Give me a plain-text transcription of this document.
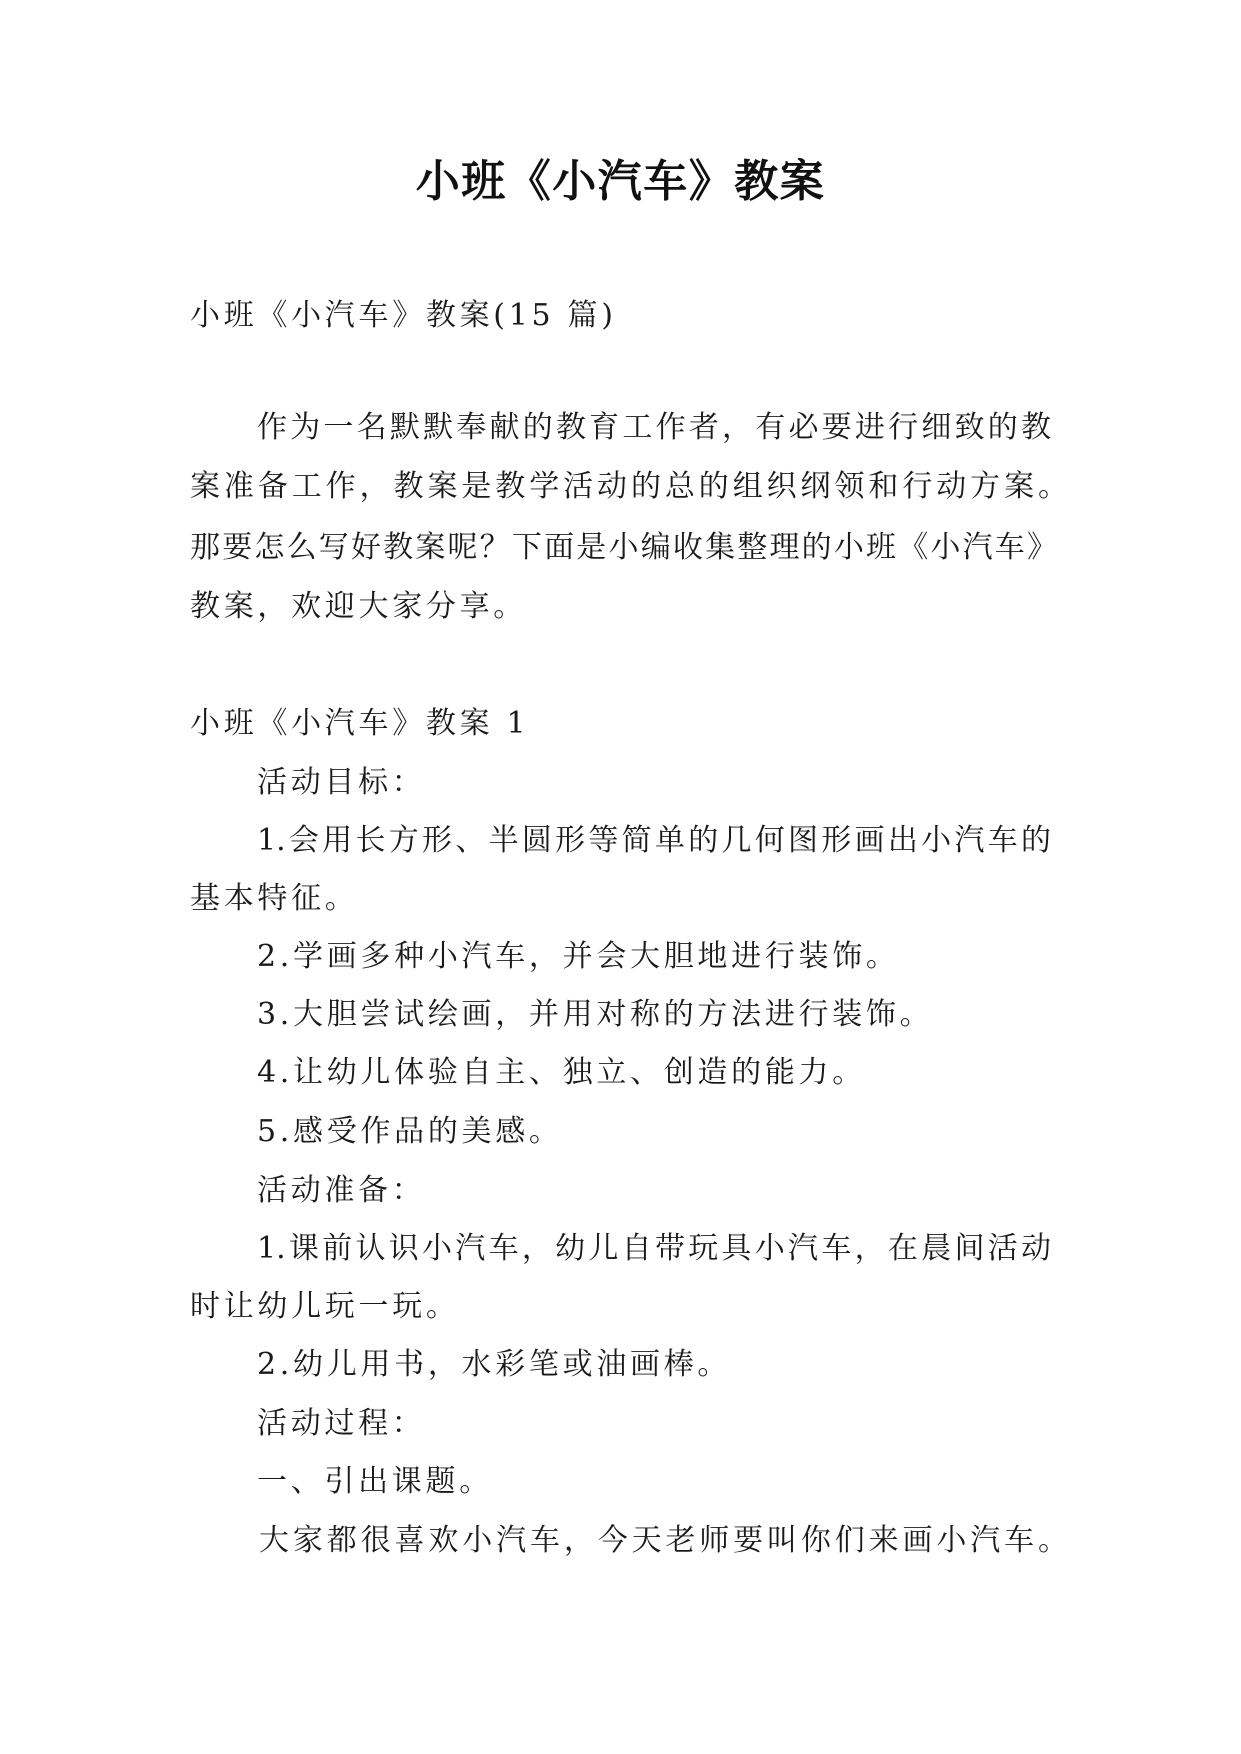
小班《小汽车》教案
小班《小汽车》教案(15 篇)
作为一名默默奉献的教育工作者，有必要进行细致的教
案准备工作，教案是教学活动的总的组织纲领和行动方案。
那要怎么写好教案呢？下面是小编收集整理的小班《小汽车》
教案，欢迎大家分享。
小班《小汽车》教案 1
活动目标：
1.会用长方形、半圆形等简单的几何图形画出小汽车的
基本特征。
2.学画多种小汽车，并会大胆地进行装饰。
3.大胆尝试绘画，并用对称的方法进行装饰。
4.让幼儿体验自主、独立、创造的能力。
5.感受作品的美感。
活动准备：
1.课前认识小汽车，幼儿自带玩具小汽车，在晨间活动
时让幼儿玩一玩。
2.幼儿用书，水彩笔或油画棒。
活动过程：
一、引出课题。
大家都很喜欢小汽车，今天老师要叫你们来画小汽车。
